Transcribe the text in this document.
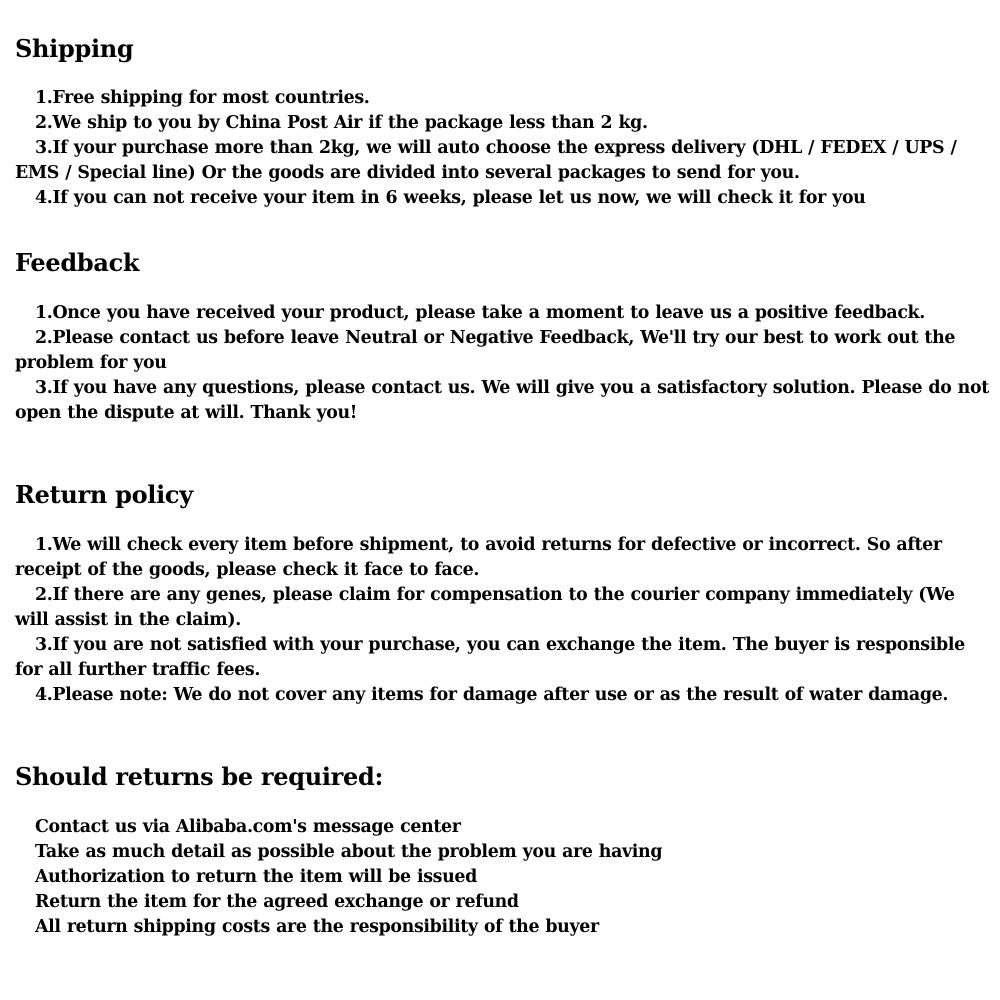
Shipping
1.Free shipping for most countries.
2.We ship to you by China Post Air if the package less than 2 kg.
3.If your purchase more than 2kg, we will auto choose the express delivery (DHL / FEDEX / UPS / EMS / Special line) Or the goods are divided into several packages to send for you.
4.If you can not receive your item in 6 weeks, please let us now, we will check it for you
Feedback
1.Once you have received your product, please take a moment to leave us a positive feedback.
2.Please contact us before leave Neutral or Negative Feedback, We'll try our best to work out the problem for you
3.If you have any questions, please contact us. We will give you a satisfactory solution. Please do not open the dispute at will. Thank you!
Return policy
1.We will check every item before shipment, to avoid returns for defective or incorrect. So after receipt of the goods, please check it face to face.
2.If there are any genes, please claim for compensation to the courier company immediately (We will assist in the claim).
3.If you are not satisfied with your purchase, you can exchange the item. The buyer is responsible for all further traffic fees.
4.Please note: We do not cover any items for damage after use or as the result of water damage.
Should returns be required:
Contact us via Alibaba.com's message center
Take as much detail as possible about the problem you are having
Authorization to return the item will be issued
Return the item for the agreed exchange or refund
All return shipping costs are the responsibility of the buyer
